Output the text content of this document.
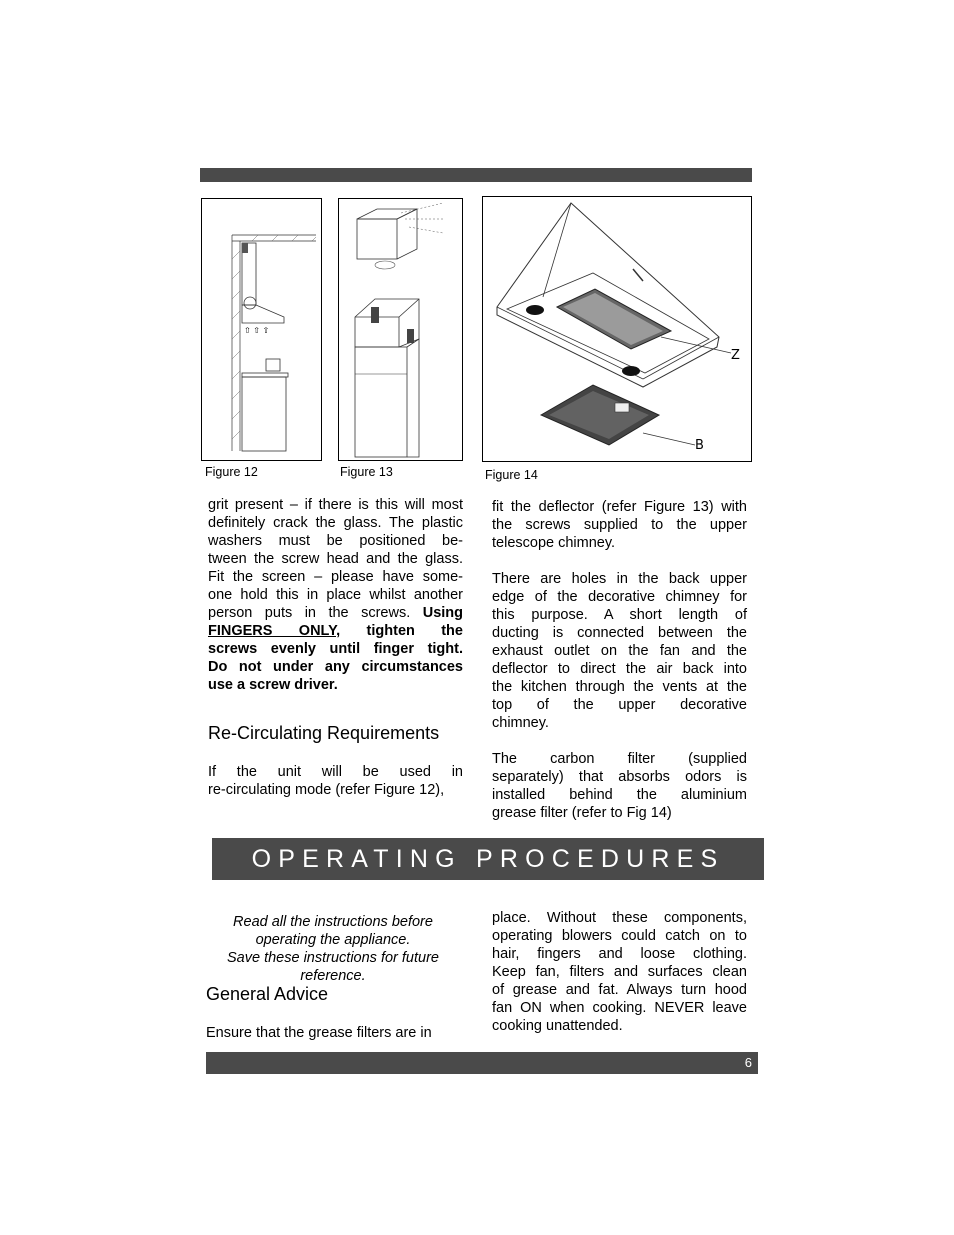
⇧ ⇧ ⇧
Figure 12	Figure 13
Z
B
Figure 14
grit present – if there is this will most
definitely crack the glass. The plastic
washers must be positioned be-
tween the screw head and the glass.
Fit the screen – please have some-
one hold this in place whilst another
person puts in the screws. Using
FINGERS ONLY, tighten the
screws evenly until finger tight.
Do not under any circumstances
use a screw driver.
Re-Circulating Requirements
If the unit will be used in
re-circulating mode (refer Figure 12),
fit the deflector (refer Figure 13) with
the screws supplied to the upper
telescope chimney.
There are holes in the back upper
edge of the decorative chimney for
this purpose. A short length of
ducting is connected between the
exhaust outlet on the fan and the
deflector to direct the air back into
the kitchen through the vents at the
top of the upper decorative
chimney.
The carbon filter (supplied
separately) that absorbs odors is
installed behind the aluminium
grease filter (refer to Fig 14)
OPERATING PROCEDURES
Read all the instructions before
operating the appliance.
Save these instructions for future
reference.
General Advice
Ensure that the grease filters are in
place. Without these components,
operating blowers could catch on to
hair, fingers and loose clothing.
Keep fan, filters and surfaces clean
of grease and fat. Always turn hood
fan ON when cooking. NEVER leave
cooking unattended.
6
